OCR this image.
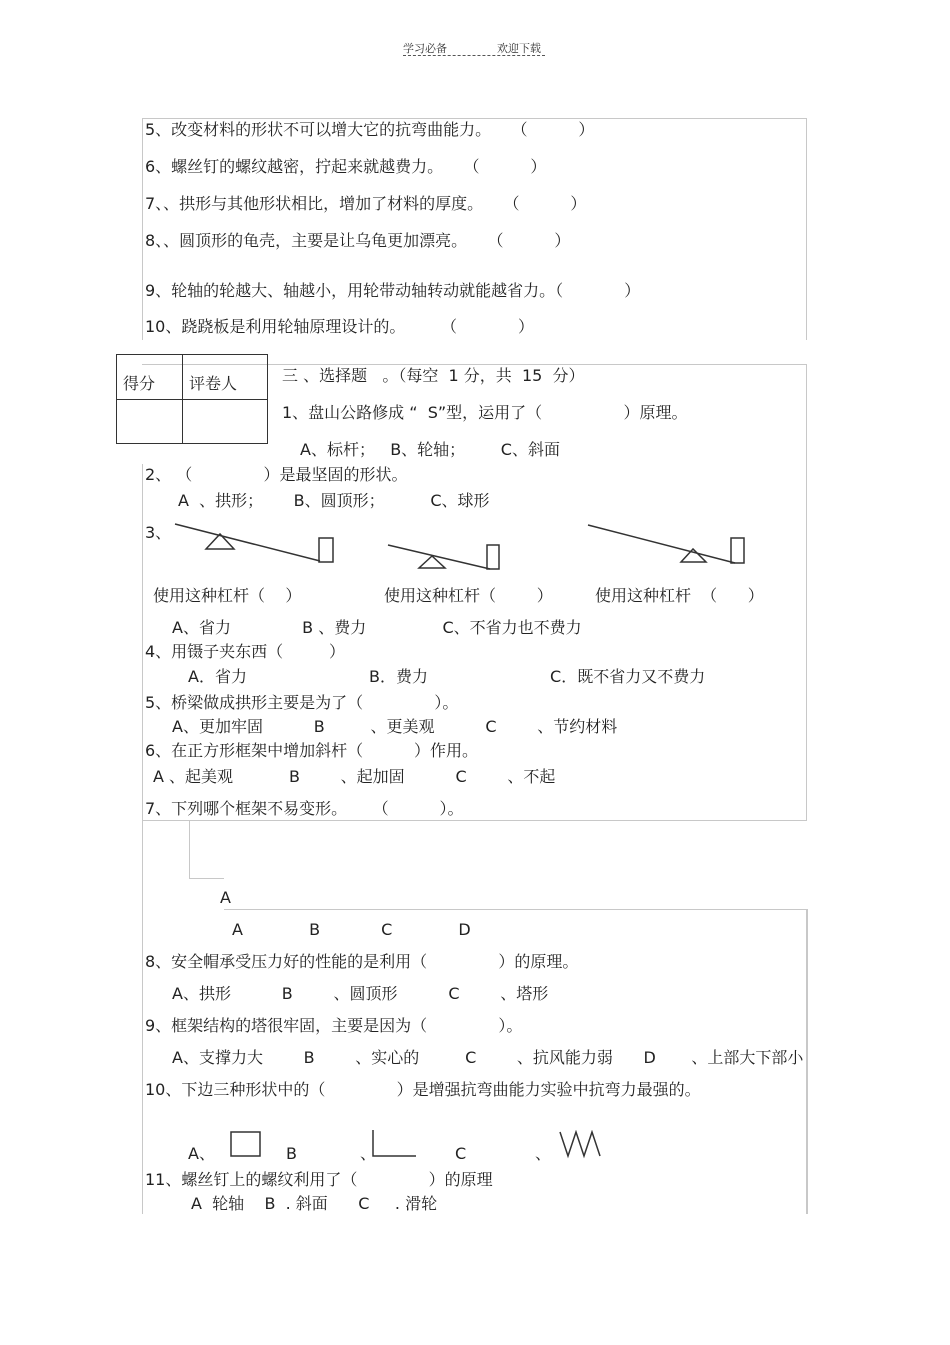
学习必备	欢迎下载
5、改变材料的形状不可以增大它的抗弯曲能力。    （          ）
6、螺丝钉的螺纹越密，拧起来就越费力。    （          ）
7、、拱形与其他形状相比，增加了材料的厚度。    （          ）
8、、圆顶形的龟壳，主要是让乌龟更加漂亮。    （          ）
9、轮轴的轮越大、轴越小，用轮带动轴转动就能越省力。（            ）
10、跷跷板是利用轮轴原理设计的。       （            ）
得分	评卷人	三 、选择题   。（每空  1 分，共  15  分）
1、盘山公路修成 “  S”型，运用了（                ）原理。
A、标杆；   B、轮轴；       C、斜面
2、 （              ）是最坚固的形状。
A  、拱形；      B、圆顶形；         C、球形
3、
使用这种杠杆（    ）	使用这种杠杆（        ）	使用这种杠杆  （      ）
A、省力              B 、费力               C、不省力也不费力
4、用镊子夹东西（         ）
A．省力                        B．费力                        C．既不省力又不费力
5、桥梁做成拱形主要是为了（              ）。
A、更加牢固          B         、更美观          C        、节约材料
6、在正方形框架中增加斜杆（          ）作用。
A 、起美观           B        、起加固          C        、不起
7、下列哪个框架不易变形。     （          ）。
A
A             B            C             D
8、安全帽承受压力好的性能的是利用（              ）的原理。
A、拱形          B        、圆顶形          C        、塔形
9、框架结构的塔很牢固，主要是因为（              ）。
A、支撑力大        B        、实心的         C        、抗风能力弱      D       、上部大下部小
10、下边三种形状中的（              ）是增强抗弯曲能力实验中抗弯力最强的。
A、	B	、	C	、
11、螺丝钉上的螺纹利用了（              ）的原理
A  轮轴    B  . 斜面      C     . 滑轮
